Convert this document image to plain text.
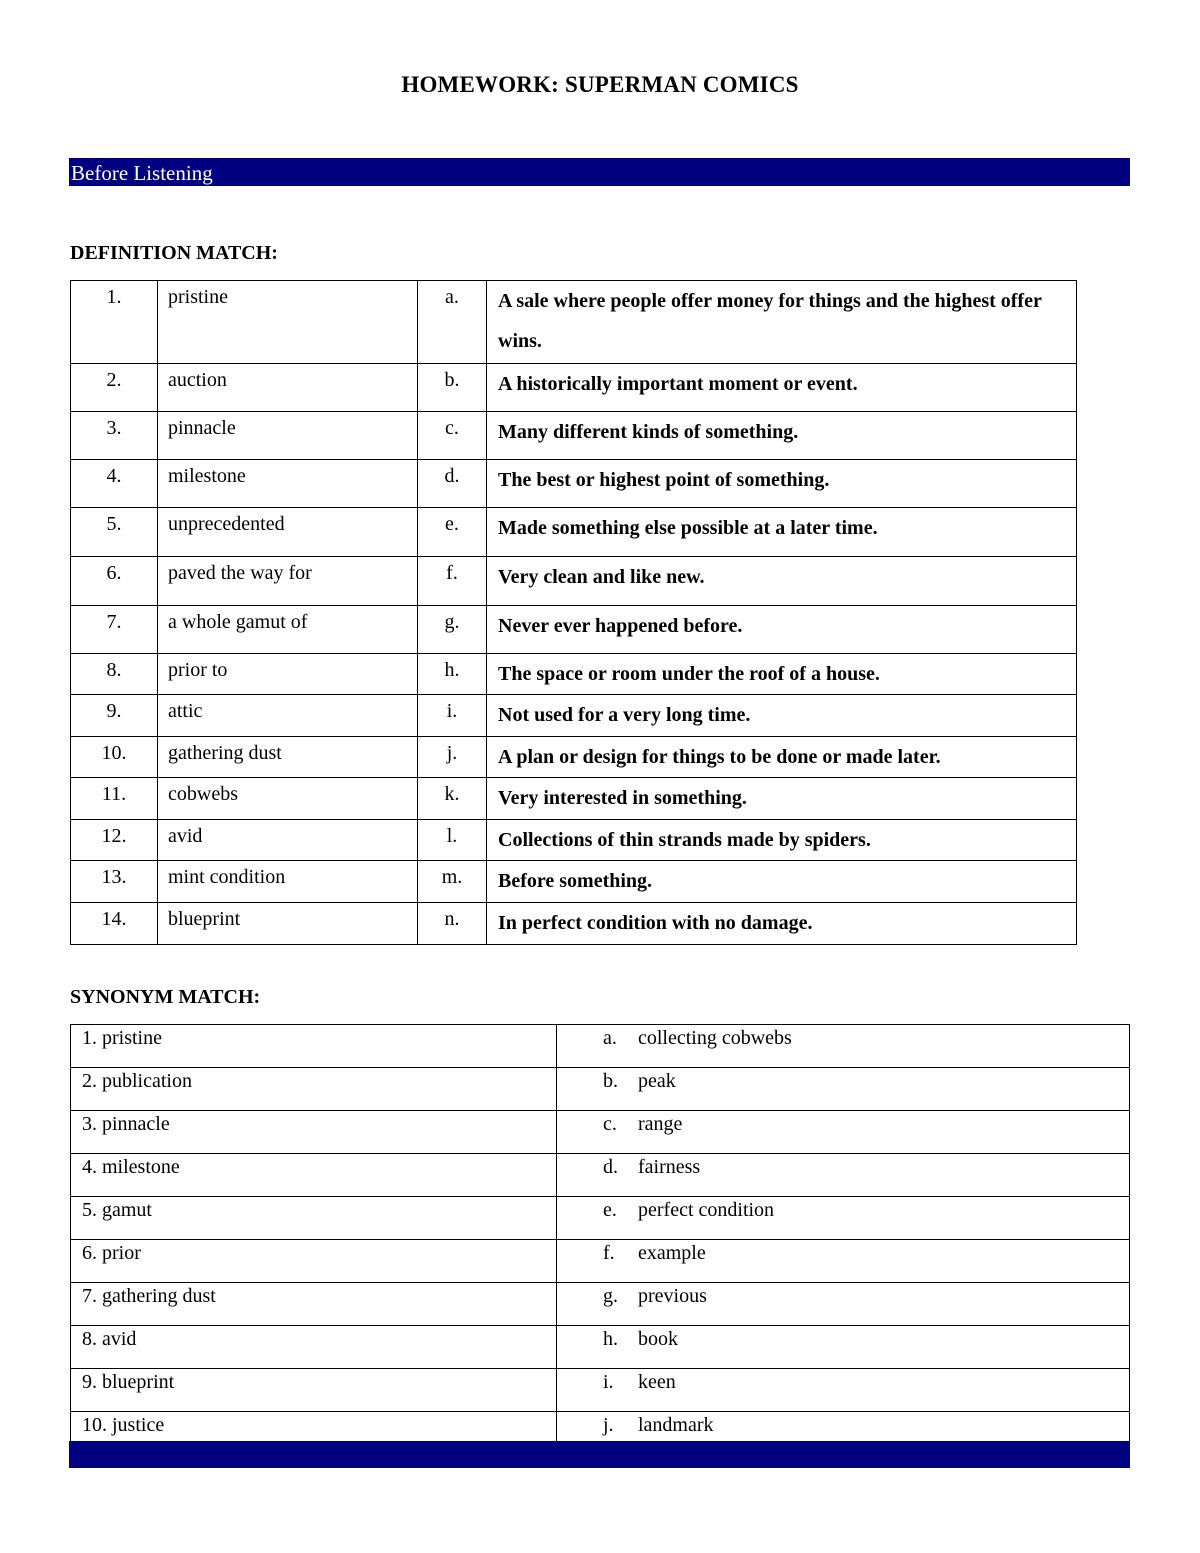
HOMEWORK: SUPERMAN COMICS
Before Listening
DEFINITION MATCH:
1.	pristine	a.	A sale where people offer money for things and the highest offer wins.
2.	auction	b.	A historically important moment or event.
3.	pinnacle	c.	Many different kinds of something.
4.	milestone	d.	The best or highest point of something.
5.	unprecedented	e.	Made something else possible at a later time.
6.	paved the way for	f.	Very clean and like new.
7.	a whole gamut of	g.	Never ever happened before.
8.	prior to	h.	The space or room under the roof of a house.
9.	attic	i.	Not used for a very long time.
10.	gathering dust	j.	A plan or design for things to be done or made later.
11.	cobwebs	k.	Very interested in something.
12.	avid	l.	Collections of thin strands made by spiders.
13.	mint condition	m.	Before something.
14.	blueprint	n.	In perfect condition with no damage.
SYNONYM MATCH:
1. pristine	a. collecting cobwebs
2. publication	b. peak
3. pinnacle	c. range
4. milestone	d. fairness
5. gamut	e. perfect condition
6. prior	f. example
7. gathering dust	g. previous
8. avid	h. book
9. blueprint	i. keen
10. justice	j. landmark
